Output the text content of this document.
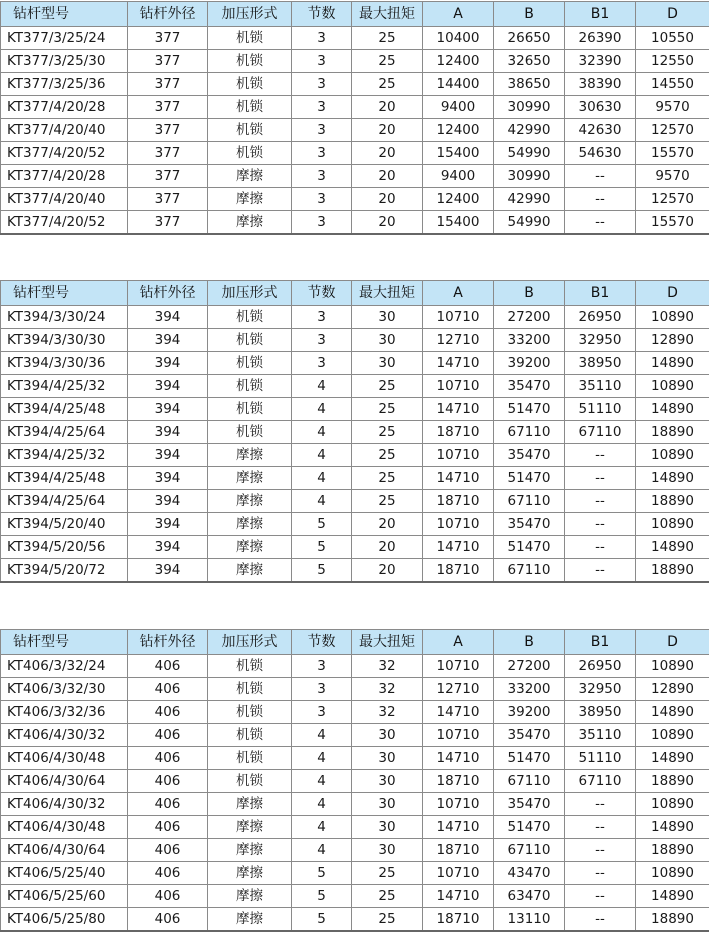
钻杆型号	钻杆外径	加压形式	节数	最大扭矩	A	B	B1	D
KT377/3/25/24	377	机锁	3	25	10400	26650	26390	10550
KT377/3/25/30	377	机锁	3	25	12400	32650	32390	12550
KT377/3/25/36	377	机锁	3	25	14400	38650	38390	14550
KT377/4/20/28	377	机锁	3	20	9400	30990	30630	9570
KT377/4/20/40	377	机锁	3	20	12400	42990	42630	12570
KT377/4/20/52	377	机锁	3	20	15400	54990	54630	15570
KT377/4/20/28	377	摩擦	3	20	9400	30990	--	9570
KT377/4/20/40	377	摩擦	3	20	12400	42990	--	12570
KT377/4/20/52	377	摩擦	3	20	15400	54990	--	15570
钻杆型号	钻杆外径	加压形式	节数	最大扭矩	A	B	B1	D
KT394/3/30/24	394	机锁	3	30	10710	27200	26950	10890
KT394/3/30/30	394	机锁	3	30	12710	33200	32950	12890
KT394/3/30/36	394	机锁	3	30	14710	39200	38950	14890
KT394/4/25/32	394	机锁	4	25	10710	35470	35110	10890
KT394/4/25/48	394	机锁	4	25	14710	51470	51110	14890
KT394/4/25/64	394	机锁	4	25	18710	67110	67110	18890
KT394/4/25/32	394	摩擦	4	25	10710	35470	--	10890
KT394/4/25/48	394	摩擦	4	25	14710	51470	--	14890
KT394/4/25/64	394	摩擦	4	25	18710	67110	--	18890
KT394/5/20/40	394	摩擦	5	20	10710	35470	--	10890
KT394/5/20/56	394	摩擦	5	20	14710	51470	--	14890
KT394/5/20/72	394	摩擦	5	20	18710	67110	--	18890
钻杆型号	钻杆外径	加压形式	节数	最大扭矩	A	B	B1	D
KT406/3/32/24	406	机锁	3	32	10710	27200	26950	10890
KT406/3/32/30	406	机锁	3	32	12710	33200	32950	12890
KT406/3/32/36	406	机锁	3	32	14710	39200	38950	14890
KT406/4/30/32	406	机锁	4	30	10710	35470	35110	10890
KT406/4/30/48	406	机锁	4	30	14710	51470	51110	14890
KT406/4/30/64	406	机锁	4	30	18710	67110	67110	18890
KT406/4/30/32	406	摩擦	4	30	10710	35470	--	10890
KT406/4/30/48	406	摩擦	4	30	14710	51470	--	14890
KT406/4/30/64	406	摩擦	4	30	18710	67110	--	18890
KT406/5/25/40	406	摩擦	5	25	10710	43470	--	10890
KT406/5/25/60	406	摩擦	5	25	14710	63470	--	14890
KT406/5/25/80	406	摩擦	5	25	18710	13110	--	18890
